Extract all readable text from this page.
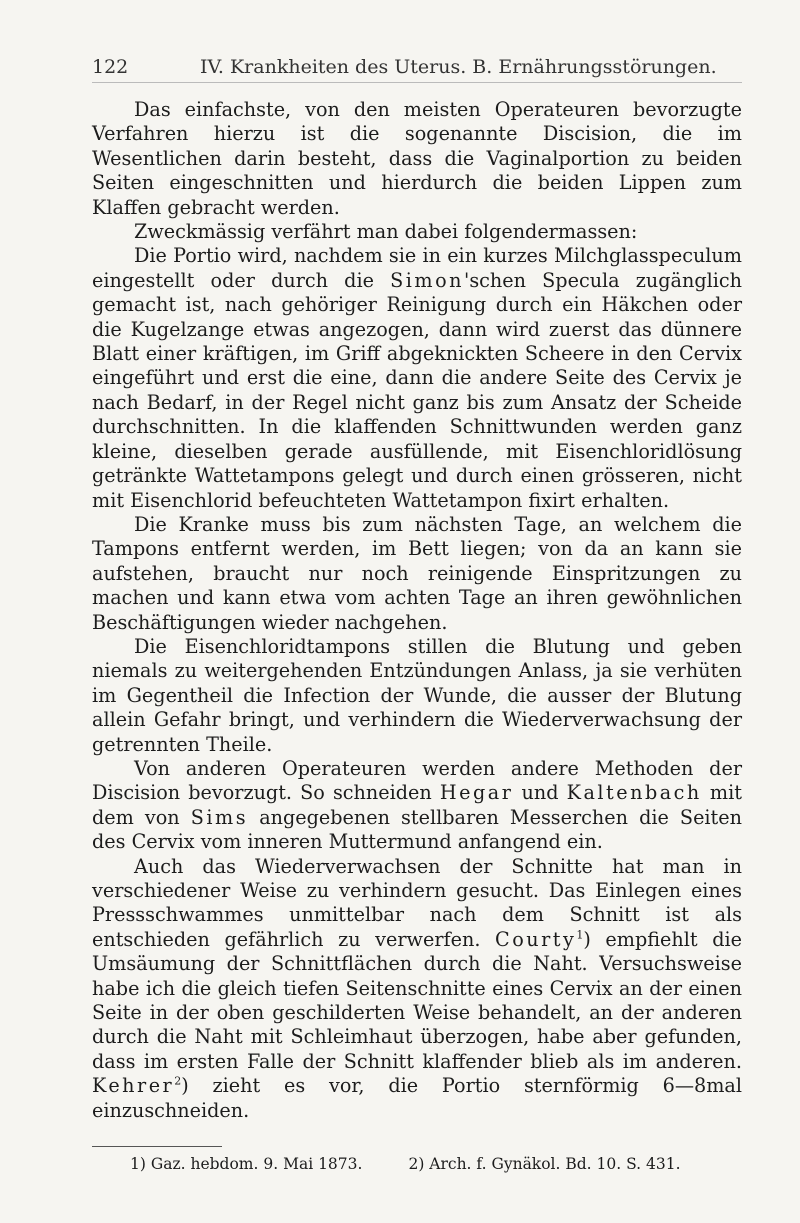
122	IV. Krankheiten des Uterus. B. Ernährungsstörungen.

Das einfachste, von den meisten Operateuren bevorzugte Verfahren hierzu ist die sogenannte Discision, die im Wesentlichen darin besteht, dass die Vaginalportion zu beiden Seiten eingeschnitten und hierdurch die beiden Lippen zum Klaffen gebracht werden.

Zweckmässig verfährt man dabei folgendermassen:

Die Portio wird, nachdem sie in ein kurzes Milchglasspeculum eingestellt oder durch die Simon'schen Specula zugänglich gemacht ist, nach gehöriger Reinigung durch ein Häkchen oder die Kugelzange etwas angezogen, dann wird zuerst das dünnere Blatt einer kräftigen, im Griff abgeknickten Scheere in den Cervix eingeführt und erst die eine, dann die andere Seite des Cervix je nach Bedarf, in der Regel nicht ganz bis zum Ansatz der Scheide durchschnitten. In die klaffenden Schnittwunden werden ganz kleine, dieselben gerade ausfüllende, mit Eisenchloridlösung getränkte Wattetampons gelegt und durch einen grösseren, nicht mit Eisenchlorid befeuchteten Wattetampon fixirt erhalten.

Die Kranke muss bis zum nächsten Tage, an welchem die Tampons entfernt werden, im Bett liegen; von da an kann sie aufstehen, braucht nur noch reinigende Einspritzungen zu machen und kann etwa vom achten Tage an ihren gewöhnlichen Beschäftigungen wieder nachgehen.

Die Eisenchloridtampons stillen die Blutung und geben niemals zu weitergehenden Entzündungen Anlass, ja sie verhüten im Gegentheil die Infection der Wunde, die ausser der Blutung allein Gefahr bringt, und verhindern die Wiederverwachsung der getrennten Theile.

Von anderen Operateuren werden andere Methoden der Discision bevorzugt. So schneiden Hegar und Kaltenbach mit dem von Sims angegebenen stellbaren Messerchen die Seiten des Cervix vom inneren Muttermund anfangend ein.

Auch das Wiederverwachsen der Schnitte hat man in verschiedener Weise zu verhindern gesucht. Das Einlegen eines Pressschwammes unmittelbar nach dem Schnitt ist als entschieden gefährlich zu verwerfen. Courty$^1$) empfiehlt die Umsäumung der Schnittflächen durch die Naht. Versuchsweise habe ich die gleich tiefen Seitenschnitte eines Cervix an der einen Seite in der oben geschilderten Weise behandelt, an der anderen durch die Naht mit Schleimhaut überzogen, habe aber gefunden, dass im ersten Falle der Schnitt klaffender blieb als im anderen. Kehrer$^2$) zieht es vor, die Portio sternförmig 6—8mal einzuschneiden.

1) Gaz. hebdom. 9. Mai 1873.	2) Arch. f. Gynäkol. Bd. 10. S. 431.
